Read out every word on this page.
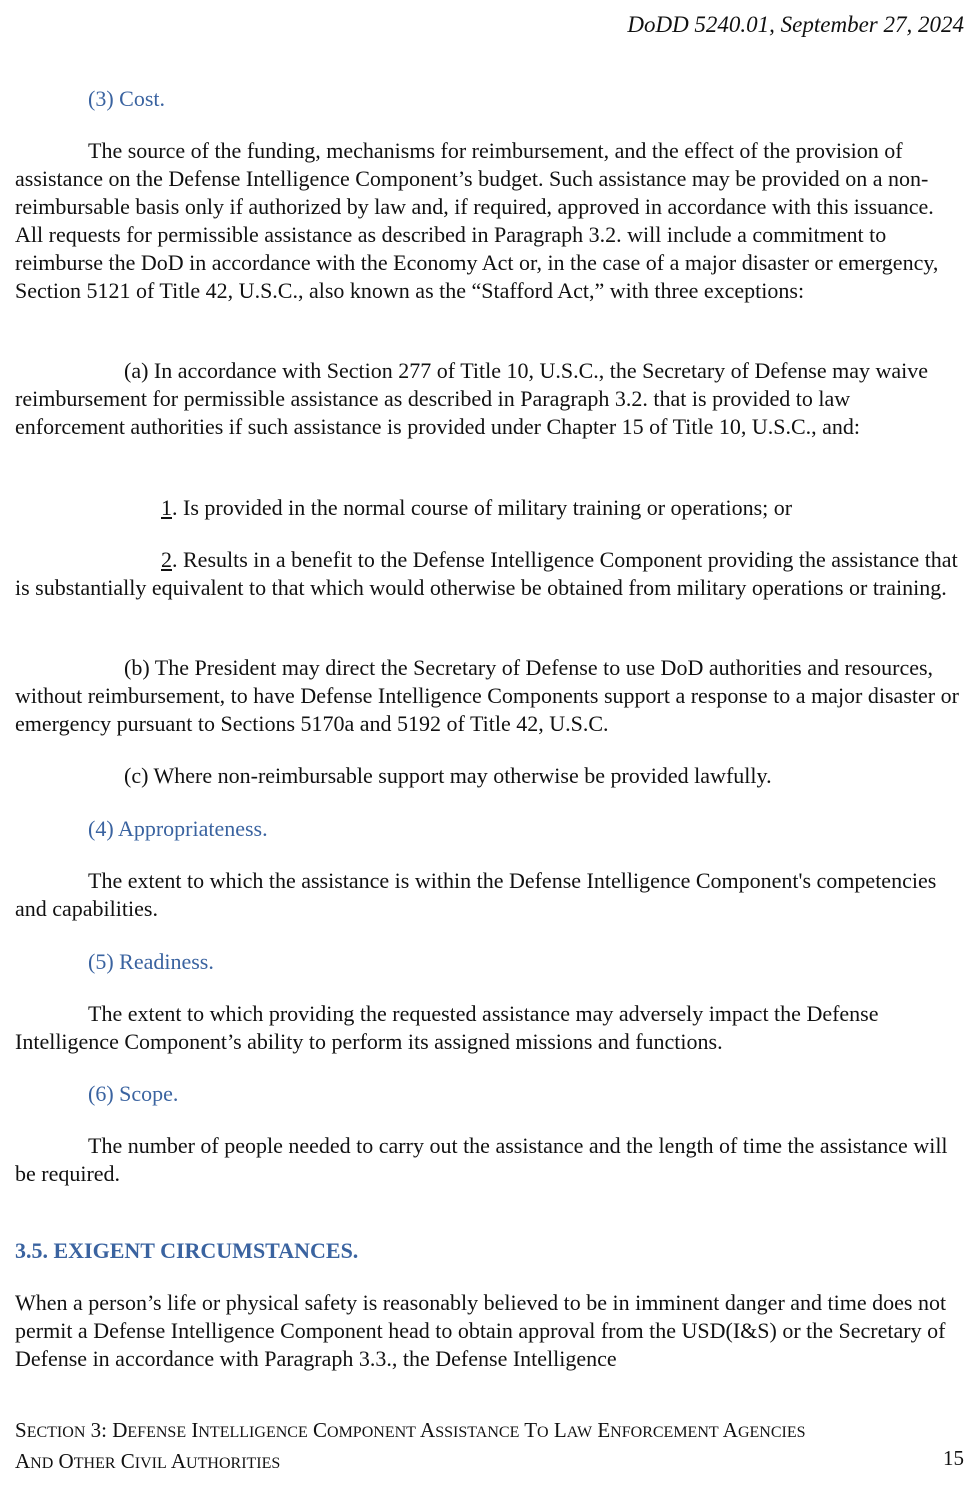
DoDD 5240.01, September 27, 2024

(3) Cost.

The source of the funding, mechanisms for reimbursement, and the effect of the provision of assistance on the Defense Intelligence Component’s budget. Such assistance may be provided on a non-reimbursable basis only if authorized by law and, if required, approved in accordance with this issuance. All requests for permissible assistance as described in Paragraph 3.2. will include a commitment to reimburse the DoD in accordance with the Economy Act or, in the case of a major disaster or emergency, Section 5121 of Title 42, U.S.C., also known as the “Stafford Act,” with three exceptions:

(a) In accordance with Section 277 of Title 10, U.S.C., the Secretary of Defense may waive reimbursement for permissible assistance as described in Paragraph 3.2. that is provided to law enforcement authorities if such assistance is provided under Chapter 15 of Title 10, U.S.C., and:

1. Is provided in the normal course of military training or operations; or

2. Results in a benefit to the Defense Intelligence Component providing the assistance that is substantially equivalent to that which would otherwise be obtained from military operations or training.

(b) The President may direct the Secretary of Defense to use DoD authorities and resources, without reimbursement, to have Defense Intelligence Components support a response to a major disaster or emergency pursuant to Sections 5170a and 5192 of Title 42, U.S.C.

(c) Where non-reimbursable support may otherwise be provided lawfully.

(4) Appropriateness.

The extent to which the assistance is within the Defense Intelligence Component's competencies and capabilities.

(5) Readiness.

The extent to which providing the requested assistance may adversely impact the Defense Intelligence Component’s ability to perform its assigned missions and functions.

(6) Scope.

The number of people needed to carry out the assistance and the length of time the assistance will be required.

3.5. EXIGENT CIRCUMSTANCES.

When a person’s life or physical safety is reasonably believed to be in imminent danger and time does not permit a Defense Intelligence Component head to obtain approval from the USD(I&S) or the Secretary of Defense in accordance with Paragraph 3.3., the Defense Intelligence

SECTION 3: DEFENSE INTELLIGENCE COMPONENT ASSISTANCE TO LAW ENFORCEMENT AGENCIES
AND OTHER CIVIL AUTHORITIES	15
